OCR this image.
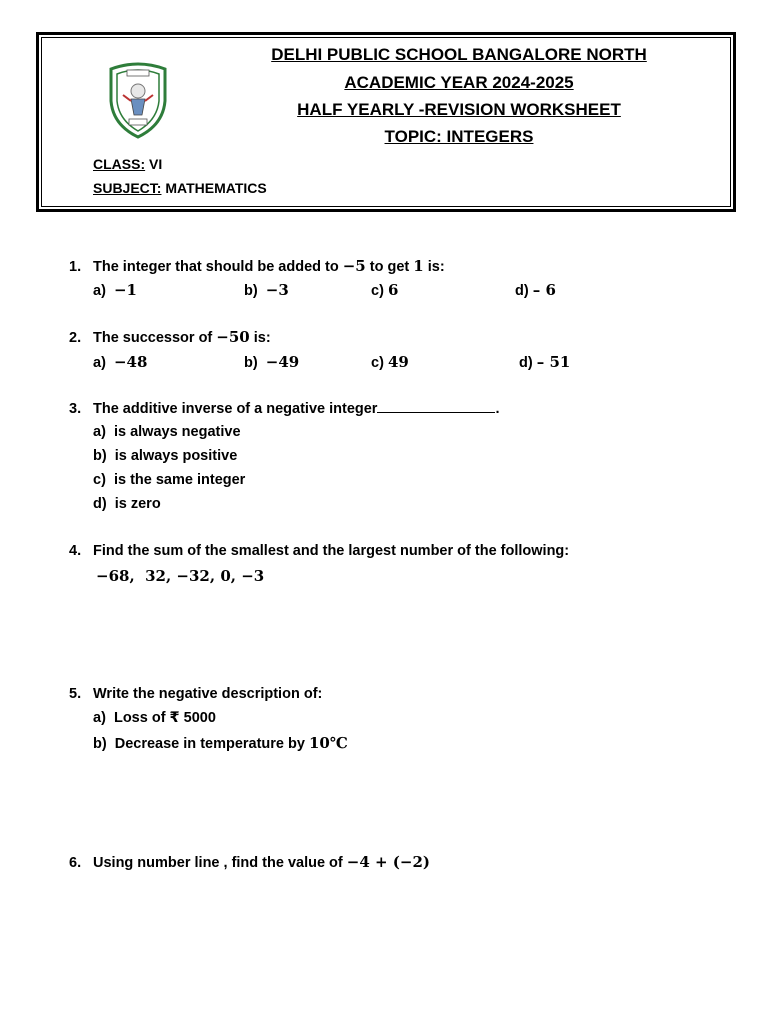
DELHI PUBLIC SCHOOL BANGALORE NORTH
ACADEMIC YEAR 2024-2025
HALF YEARLY -REVISION WORKSHEET
TOPIC: INTEGERS
CLASS: VI
SUBJECT: MATHEMATICS
1. The integer that should be added to −5 to get 1 is:
a) −1	b) −3	c) 6	d) – 6
2. The successor of −50 is:
a) −48	b) −49	c) 49	d) – 51
3. The additive inverse of a negative integer	.
a) is always negative
b) is always positive
c) is the same integer
d) is zero
4. Find the sum of the smallest and the largest number of the following:
−68,  32, −32, 0, −3
5. Write the negative description of:
a) Loss of ₹ 5000
b) Decrease in temperature by 10℃
6. Using number line , find the value of −4 + (−2)
